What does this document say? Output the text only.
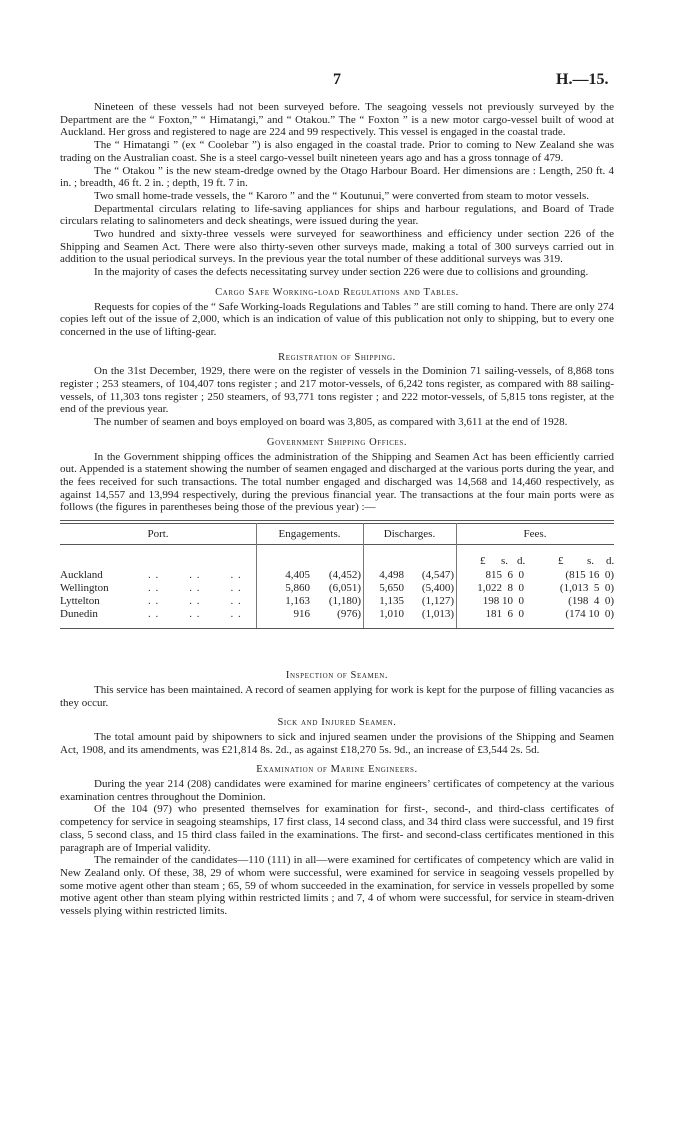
7	H.—15.

Nineteen of these vessels had not been surveyed before. The seagoing vessels not previously surveyed by the Department are the “ Foxton,” “ Himatangi,” and “ Otakou.” The “ Foxton ” is a new motor cargo-vessel built of wood at Auckland. Her gross and registered to nage are 224 and 99 respectively. This vessel is engaged in the coastal trade.

The “ Himatangi ” (ex “ Coolebar ”) is also engaged in the coastal trade. Prior to coming to New Zealand she was trading on the Australian coast. She is a steel cargo-vessel built nineteen years ago and has a gross tonnage of 479.

The “ Otakou ” is the new steam-dredge owned by the Otago Harbour Board. Her dimensions are : Length, 250 ft. 4 in. ; breadth, 46 ft. 2 in. ; depth, 19 ft. 7 in.

Two small home-trade vessels, the “ Karoro ” and the “ Koutunui,” were converted from steam to motor vessels.

Departmental circulars relating to life-saving appliances for ships and harbour regulations, and Board of Trade circulars relating to salinometers and deck sheatings, were issued during the year.

Two hundred and sixty-three vessels were surveyed for seaworthiness and efficiency under section 226 of the Shipping and Seamen Act. There were also thirty-seven other surveys made, making a total of 300 surveys carried out in addition to the usual periodical surveys. In the previous year the total number of these additional surveys was 319.

In the majority of cases the defects necessitating survey under section 226 were due to collisions and grounding.

Cargo Safe Working-load Regulations and Tables.

Requests for copies of the “ Safe Working-loads Regulations and Tables ” are still coming to hand. There are only 274 copies left out of the issue of 2,000, which is an indication of value of this publication not only to shipping, but to every one concerned in the use of lifting-gear.

Registration of Shipping.

On the 31st December, 1929, there were on the register of vessels in the Dominion 71 sailing-vessels, of 8,868 tons register ; 253 steamers, of 104,407 tons register ; and 217 motor-vessels, of 6,242 tons register, as compared with 88 sailing-vessels, of 11,303 tons register ; 250 steamers, of 93,771 tons register ; and 222 motor-vessels, of 5,815 tons register, at the end of the previous year.

The number of seamen and boys employed on board was 3,805, as compared with 3,611 at the end of 1928.

Government Shipping Offices.

In the Government shipping offices the administration of the Shipping and Seamen Act has been efficiently carried out. Appended is a statement showing the number of seamen engaged and discharged at the various ports during the year, and the fees received for such transactions. The total number engaged and discharged was 14,568 and 14,460 respectively, as against 14,557 and 13,994 respectively, during the previous financial year. The transactions at the four main ports were as follows (the figures in parentheses being those of the previous year) :—

Port.	Engagements.	Discharges.	Fees.
£ s. d.	£ s. d.
Auckland	. .        . .        . .	4,405	(4,452)	4,498	(4,547)	815  6  0	(815 16  0)
Wellington	. .        . .        . .	5,860	(6,051)	5,650	(5,400)	1,022  8  0	(1,013  5  0)
Lyttelton	. .        . .        . .	1,163	(1,180)	1,135	(1,127)	198 10  0	(198  4  0)
Dunedin	. .        . .        . .	916	(976)	1,010	(1,013)	181  6  0	(174 10  0)
Inspection of Seamen.

This service has been maintained. A record of seamen applying for work is kept for the purpose of filling vacancies as they occur.

Sick and Injured Seamen.

The total amount paid by shipowners to sick and injured seamen under the provisions of the Shipping and Seamen Act, 1908, and its amendments, was £21,814 8s. 2d., as against £18,270 5s. 9d., an increase of £3,544 2s. 5d.

Examination of Marine Engineers.

During the year 214 (208) candidates were examined for marine engineers’ certificates of competency at the various examination centres throughout the Dominion.

Of the 104 (97) who presented themselves for examination for first-, second-, and third-class certificates of competency for service in seagoing steamships, 17 first class, 14 second class, and 34 third class were successful, and 19 first class, 5 second class, and 15 third class failed in the examinations. The first- and second-class certificates mentioned in this paragraph are of Imperial validity.

The remainder of the candidates—110 (111) in all—were examined for certificates of competency which are valid in New Zealand only. Of these, 38, 29 of whom were successful, were examined for service in seagoing vessels propelled by some motive agent other than steam ; 65, 59 of whom succeeded in the examination, for service in vessels propelled by some motive agent other than steam plying within restricted limits ; and 7, 4 of whom were successful, for service in steam-driven vessels plying within restricted limits.
